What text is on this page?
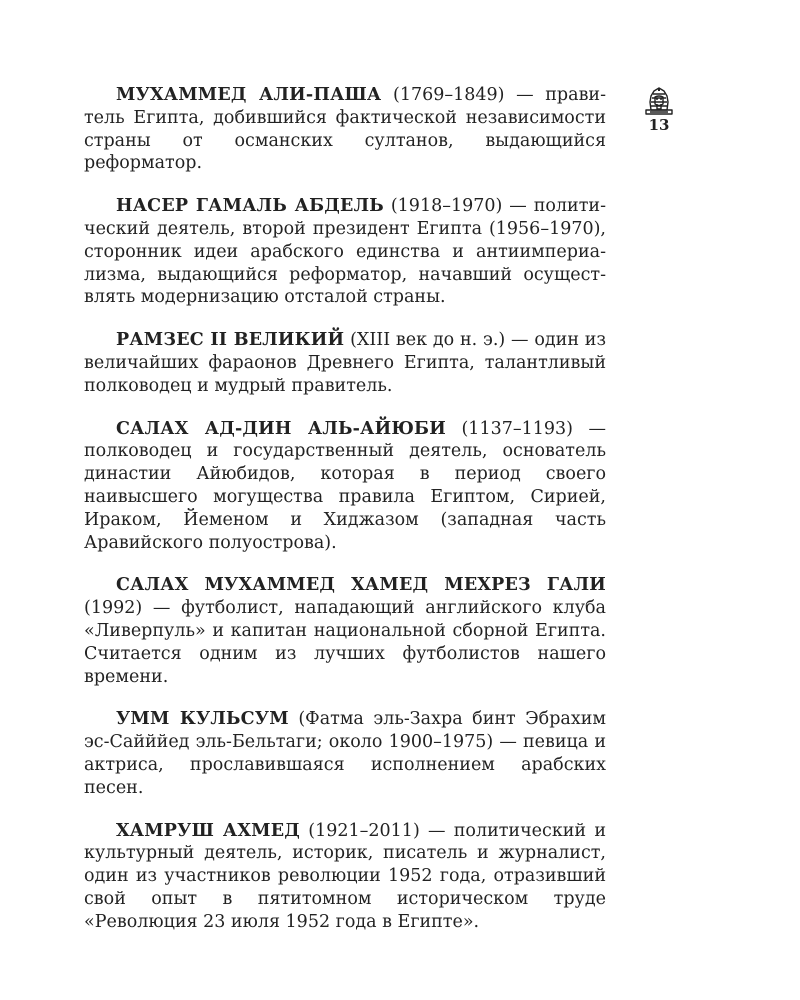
МУХАММЕД АЛИ-ПАША (1769–1849) — правитель Египта, добившийся фактической независимости страны от османских султанов, выдающийся реформатор.

НАСЕР ГАМАЛЬ АБДЕЛЬ (1918–1970) — политический деятель, второй президент Египта (1956–1970), сторонник идеи арабского единства и антиимпериализма, выдающийся реформатор, начавший осуществлять модернизацию отсталой страны.

РАМЗЕС II ВЕЛИКИЙ (XIII век до н. э.) — один из величайших фараонов Древнего Египта, талантливый полководец и мудрый правитель.

САЛАХ АД-ДИН АЛЬ-АЙЮБИ (1137–1193) — полководец и государственный деятель, основатель династии Айюбидов, которая в период своего наивысшего могущества правила Египтом, Сирией, Ираком, Йеменом и Хиджазом (западная часть Аравийского полуострова).

САЛАХ МУХАММЕД ХАМЕД МЕХРЕЗ ГАЛИ (1992) — футболист, нападающий английского клуба «Ливерпуль» и капитан национальной сборной Египта. Считается одним из лучших футболистов нашего времени.

УММ КУЛЬСУМ (Фатма эль-Захра бинт Эбрахим эс-Сайййед эль-Бельтаги; около 1900–1975) — певица и актриса, прославившаяся исполнением арабских песен.

ХАМРУШ АХМЕД (1921–2011) — политический и культурный деятель, историк, писатель и журналист, один из участников революции 1952 года, отразивший свой опыт в пятитомном историческом труде «Революция 23 июля 1952 года в Египте».

13
